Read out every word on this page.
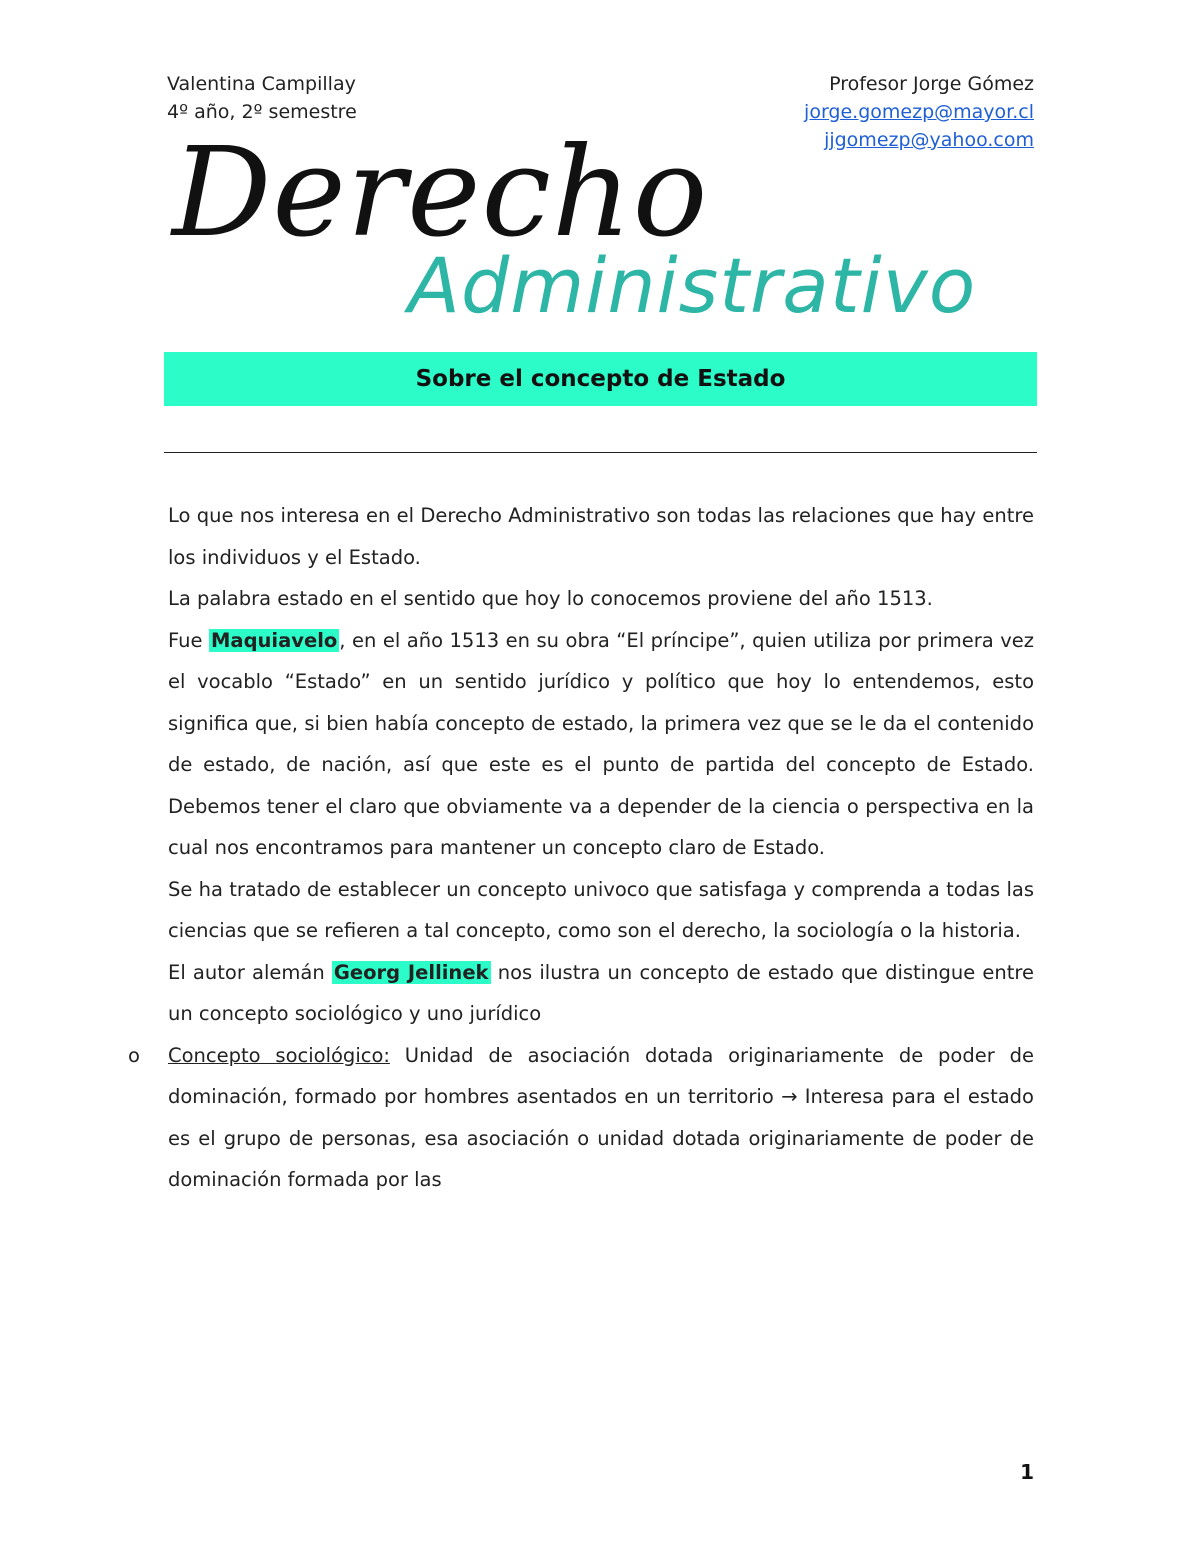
Valentina Campillay
4º año, 2º semestre
Profesor Jorge Gómez
jorge.gomezp@mayor.cl
jjgomezp@yahoo.com
Derecho
Administrativo
Sobre el concepto de Estado

Lo que nos interesa en el Derecho Administrativo son todas las relaciones que hay entre los individuos y el Estado.

La palabra estado en el sentido que hoy lo conocemos proviene del año 1513.

Fue Maquiavelo , en el año 1513 en su obra “El príncipe”, quien utiliza por primera vez el vocablo “Estado” en un sentido jurídico y político que hoy lo entendemos, esto significa que, si bien había concepto de estado, la primera vez que se le da el contenido de estado, de nación, así que este es el punto de partida del concepto de Estado. Debemos tener el claro que obviamente va a depender de la ciencia o perspectiva en la cual nos encontramos para mantener un concepto claro de Estado.

Se ha tratado de establecer un concepto univoco que satisfaga y comprenda a todas las ciencias que se refieren a tal concepto, como son el derecho, la sociología o la historia.

El autor alemán Georg Jellinek nos ilustra un concepto de estado que distingue entre un concepto sociológico y uno jurídico

o Concepto sociológico: Unidad de asociación dotada originariamente de poder de dominación, formado por hombres asentados en un territorio → Interesa para el estado es el grupo de personas, esa asociación o unidad dotada originariamente de poder de dominación formada por las

1
